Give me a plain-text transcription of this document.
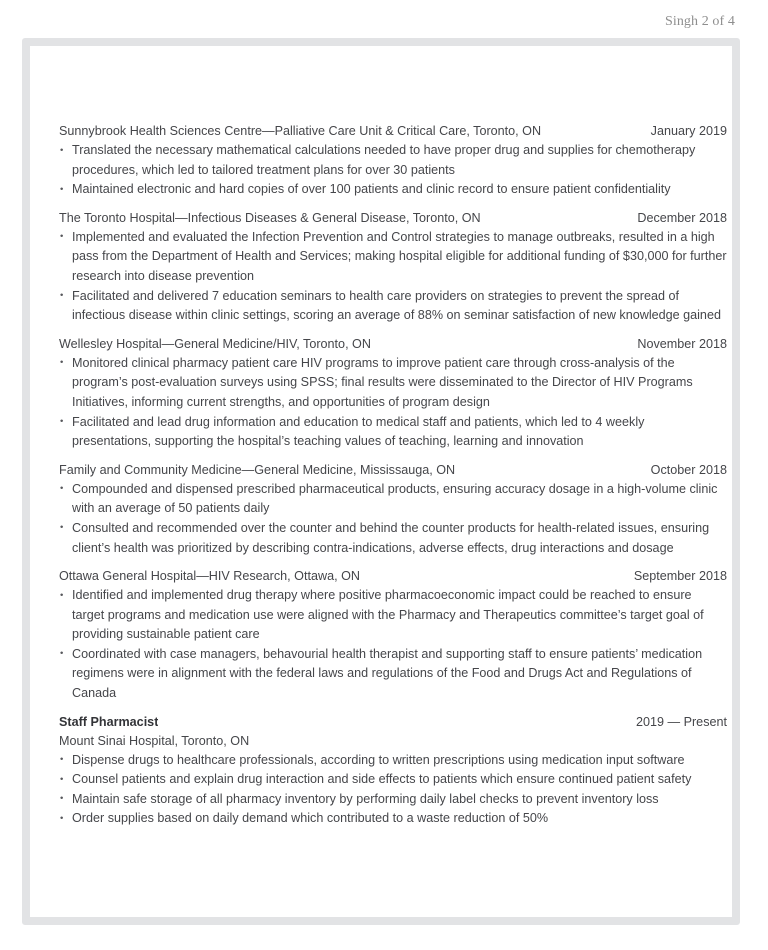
Singh 2 of 4
Sunnybrook Health Sciences Centre—Palliative Care Unit & Critical Care, Toronto, ON	January 2019
• Translated the necessary mathematical calculations needed to have proper drug and supplies for chemotherapy procedures, which led to tailored treatment plans for over 30 patients
• Maintained electronic and hard copies of over 100 patients and clinic record to ensure patient confidentiality
The Toronto Hospital—Infectious Diseases & General Disease, Toronto, ON	December 2018
• Implemented and evaluated the Infection Prevention and Control strategies to manage outbreaks, resulted in a high pass from the Department of Health and Services; making hospital eligible for additional funding of $30,000 for further research into disease prevention
• Facilitated and delivered 7 education seminars to health care providers on strategies to prevent the spread of infectious disease within clinic settings, scoring an average of 88% on seminar satisfaction of new knowledge gained
Wellesley Hospital—General Medicine/HIV, Toronto, ON	November 2018
• Monitored clinical pharmacy patient care HIV programs to improve patient care through cross-analysis of the program’s post-evaluation surveys using SPSS; final results were disseminated to the Director of HIV Programs Initiatives, informing current strengths, and opportunities of program design
• Facilitated and lead drug information and education to medical staff and patients, which led to 4 weekly presentations, supporting the hospital’s teaching values of teaching, learning and innovation
Family and Community Medicine—General Medicine, Mississauga, ON	October 2018
• Compounded and dispensed prescribed pharmaceutical products, ensuring accuracy dosage in a high-volume clinic with an average of 50 patients daily
• Consulted and recommended over the counter and behind the counter products for health-related issues, ensuring client’s health was prioritized by describing contra-indications, adverse effects, drug interactions and dosage
Ottawa General Hospital—HIV Research, Ottawa, ON	September 2018
• Identified and implemented drug therapy where positive pharmacoeconomic impact could be reached to ensure target programs and medication use were aligned with the Pharmacy and Therapeutics committee’s target goal of providing sustainable patient care
• Coordinated with case managers, behavourial health therapist and supporting staff to ensure patients’ medication regimens were in alignment with the federal laws and regulations of the Food and Drugs Act and Regulations of Canada
Staff Pharmacist	2019 — Present
Mount Sinai Hospital, Toronto, ON
• Dispense drugs to healthcare professionals, according to written prescriptions using medication input software
• Counsel patients and explain drug interaction and side effects to patients which ensure continued patient safety
• Maintain safe storage of all pharmacy inventory by performing daily label checks to prevent inventory loss
• Order supplies based on daily demand which contributed to a waste reduction of 50%
